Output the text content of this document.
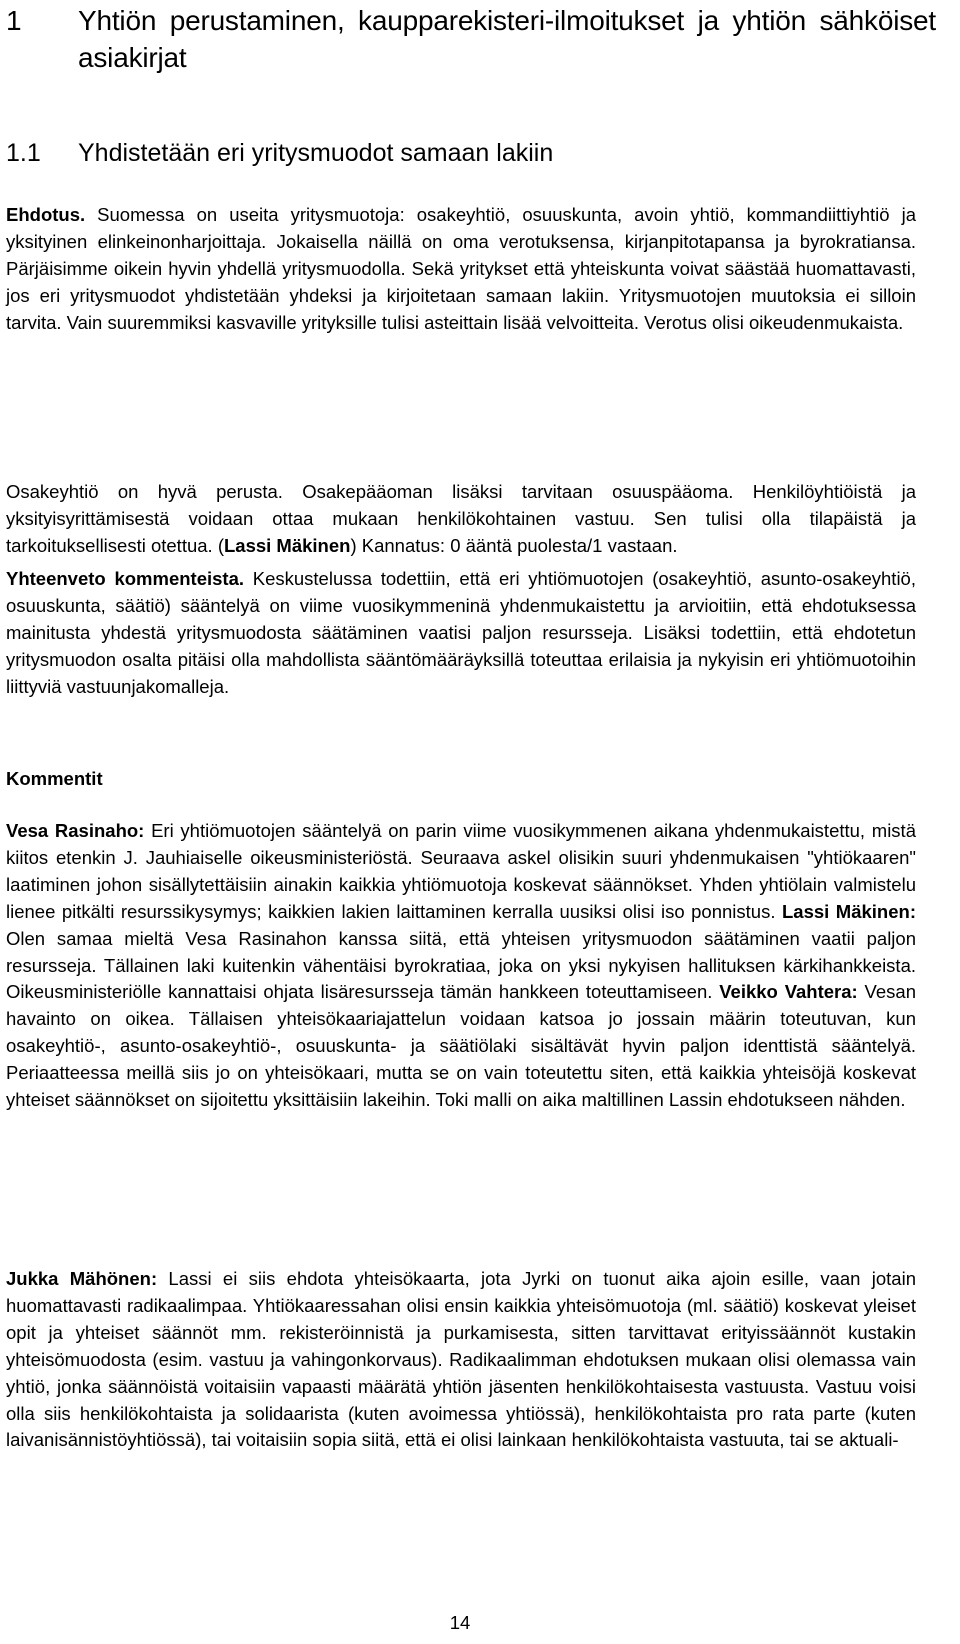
1 Yhtiön perustaminen, kaupparekisteri-ilmoitukset ja yhtiön sähköiset asiakirjat
1.1 Yhdistetään eri yritysmuodot samaan lakiin
Ehdotus. Suomessa on useita yritysmuotoja: osakeyhtiö, osuuskunta, avoin yhtiö, kommandiittiyhtiö ja yksityinen elinkeinonharjoittaja. Jokaisella näillä on oma verotuksensa, kirjanpitotapansa ja byrokratiansa. Pärjäisimme oikein hyvin yhdellä yritysmuodolla. Sekä yritykset että yhteiskunta voivat säästää huomattavasti, jos eri yritysmuodot yhdistetään yhdeksi ja kirjoitetaan samaan lakiin. Yritysmuotojen muutoksia ei silloin tarvita. Vain suuremmiksi kasvaville yrityksille tulisi asteittain lisää velvoitteita. Verotus olisi oikeudenmukaista.
Osakeyhtiö on hyvä perusta. Osakepääoman lisäksi tarvitaan osuuspääoma. Henkilöyhtiöistä ja yksityisyrittämisestä voidaan ottaa mukaan henkilökohtainen vastuu. Sen tulisi olla tilapäistä ja tarkoituksellisesti otettua. (Lassi Mäkinen) Kannatus: 0 ääntä puolesta/1 vastaan.
Yhteenveto kommenteista. Keskustelussa todettiin, että eri yhtiömuotojen (osakeyhtiö, asunto-osakeyhtiö, osuuskunta, säätiö) sääntelyä on viime vuosikymmeninä yhdenmukaistettu ja arvioitiin, että ehdotuksessa mainitusta yhdestä yritysmuodosta säätäminen vaatisi paljon resursseja. Lisäksi todettiin, että ehdotetun yritysmuodon osalta pitäisi olla mahdollista sääntömääräyksillä toteuttaa erilaisia ja nykyisin eri yhtiömuotoihin liittyviä vastuunjakomalleja.
Kommentit
Vesa Rasinaho: Eri yhtiömuotojen sääntelyä on parin viime vuosikymmenen aikana yhdenmukaistettu, mistä kiitos etenkin J. Jauhiaiselle oikeusministeriöstä. Seuraava askel olisikin suuri yhdenmukaisen "yhtiökaaren" laatiminen johon sisällytettäisiin ainakin kaikkia yhtiömuotoja koskevat säännökset. Yhden yhtiölain valmistelu lienee pitkälti resurssikysymys; kaikkien lakien laittaminen kerralla uusiksi olisi iso ponnistus. Lassi Mäkinen: Olen samaa mieltä Vesa Rasinahon kanssa siitä, että yhteisen yritysmuodon säätäminen vaatii paljon resursseja. Tällainen laki kuitenkin vähentäisi byrokratiaa, joka on yksi nykyisen hallituksen kärkihankkeista. Oikeusministeriölle kannattaisi ohjata lisäresursseja tämän hankkeen toteuttamiseen. Veikko Vahtera: Vesan havainto on oikea. Tällaisen yhteisökaariajattelun voidaan katsoa jo jossain määrin toteutuvan, kun osakeyhtiö-, asunto-osakeyhtiö-, osuuskunta- ja säätiölaki sisältävät hyvin paljon identtistä sääntelyä. Periaatteessa meillä siis jo on yhteisökaari, mutta se on vain toteutettu siten, että kaikkia yhteisöjä koskevat yhteiset säännökset on sijoitettu yksittäisiin lakeihin. Toki malli on aika maltillinen Lassin ehdotukseen nähden.
Jukka Mähönen: Lassi ei siis ehdota yhteisökaarta, jota Jyrki on tuonut aika ajoin esille, vaan jotain huomattavasti radikaalimpaa. Yhtiökaaressahan olisi ensin kaikkia yhteisömuotoja (ml. säätiö) koskevat yleiset opit ja yhteiset säännöt mm. rekisteröinnistä ja purkamisesta, sitten tarvittavat erityissäännöt kustakin yhteisömuodosta (esim. vastuu ja vahingonkorvaus). Radikaalimman ehdotuksen mukaan olisi olemassa vain yhtiö, jonka säännöistä voitaisiin vapaasti määrätä yhtiön jäsenten henkilökohtaisesta vastuusta. Vastuu voisi olla siis henkilökohtaista ja solidaarista (kuten avoimessa yhtiössä), henkilökohtaista pro rata parte (kuten laivanisännistöyhtiössä), tai voitaisiin sopia siitä, että ei olisi lainkaan henkilökohtaista vastuuta, tai se aktuali-
14
